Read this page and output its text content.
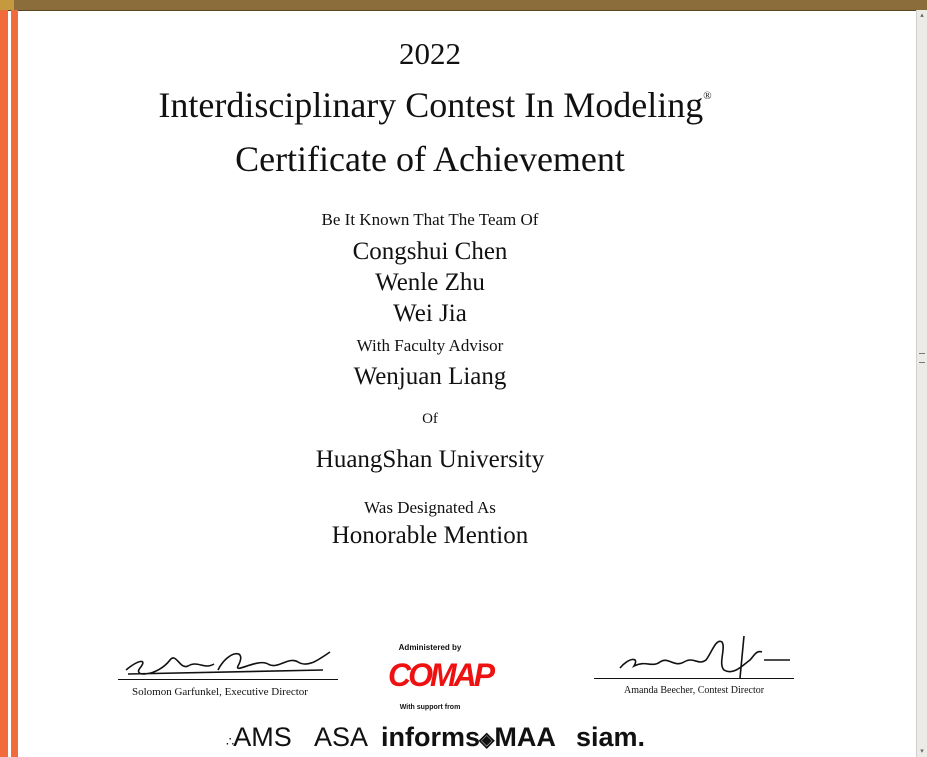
▴
▾
2022
Interdisciplinary Contest In Modeling®
Certificate of Achievement
Be It Known That The Team Of
Congshui Chen
Wenle Zhu
Wei Jia
With Faculty Advisor
Wenjuan Liang
Of
HuangShan University
Was Designated As
Honorable Mention
Solomon Garfunkel, Executive Director
Administered by
COMAP
With support from
Amanda Beecher, Contest Director
∴AMS ASA informs
◈MAA siam.
